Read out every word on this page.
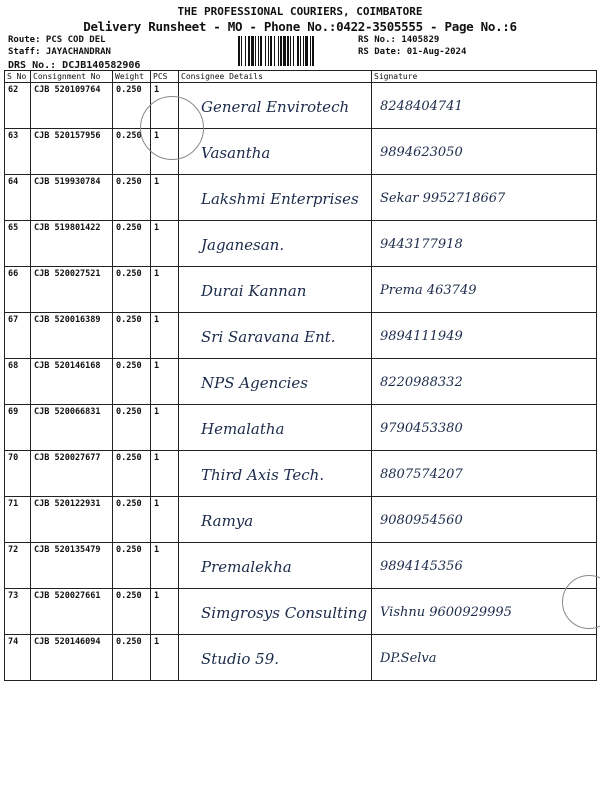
THE PROFESSIONAL COURIERS, COIMBATORE
Delivery Runsheet - MO - Phone No.:0422-3505555 - Page No.:6
Route: PCS COD DEL
Staff: JAYACHANDRAN
DRS No.: DCJB140582906
RS No.: 1405829
RS Date: 01-Aug-2024
S No	Consignment No	Weight	PCS	Consignee Details	Signature
62	CJB 520109764	0.250	1	General Envirotech	8248404741
63	CJB 520157956	0.250	1	Vasantha	9894623050
64	CJB 519930784	0.250	1	Lakshmi Enterprises	Sekar 9952718667
65	CJB 519801422	0.250	1	Jaganesan.	9443177918
66	CJB 520027521	0.250	1	Durai Kannan	Prema 463749
67	CJB 520016389	0.250	1	Sri Saravana Ent.	9894111949
68	CJB 520146168	0.250	1	NPS Agencies	8220988332
69	CJB 520066831	0.250	1	Hemalatha	9790453380
70	CJB 520027677	0.250	1	Third Axis Tech.	8807574207
71	CJB 520122931	0.250	1	Ramya	9080954560
72	CJB 520135479	0.250	1	Premalekha	9894145356
73	CJB 520027661	0.250	1	Simgrosys Consulting	Vishnu 9600929995
74	CJB 520146094	0.250	1	Studio 59.	DP.Selva
